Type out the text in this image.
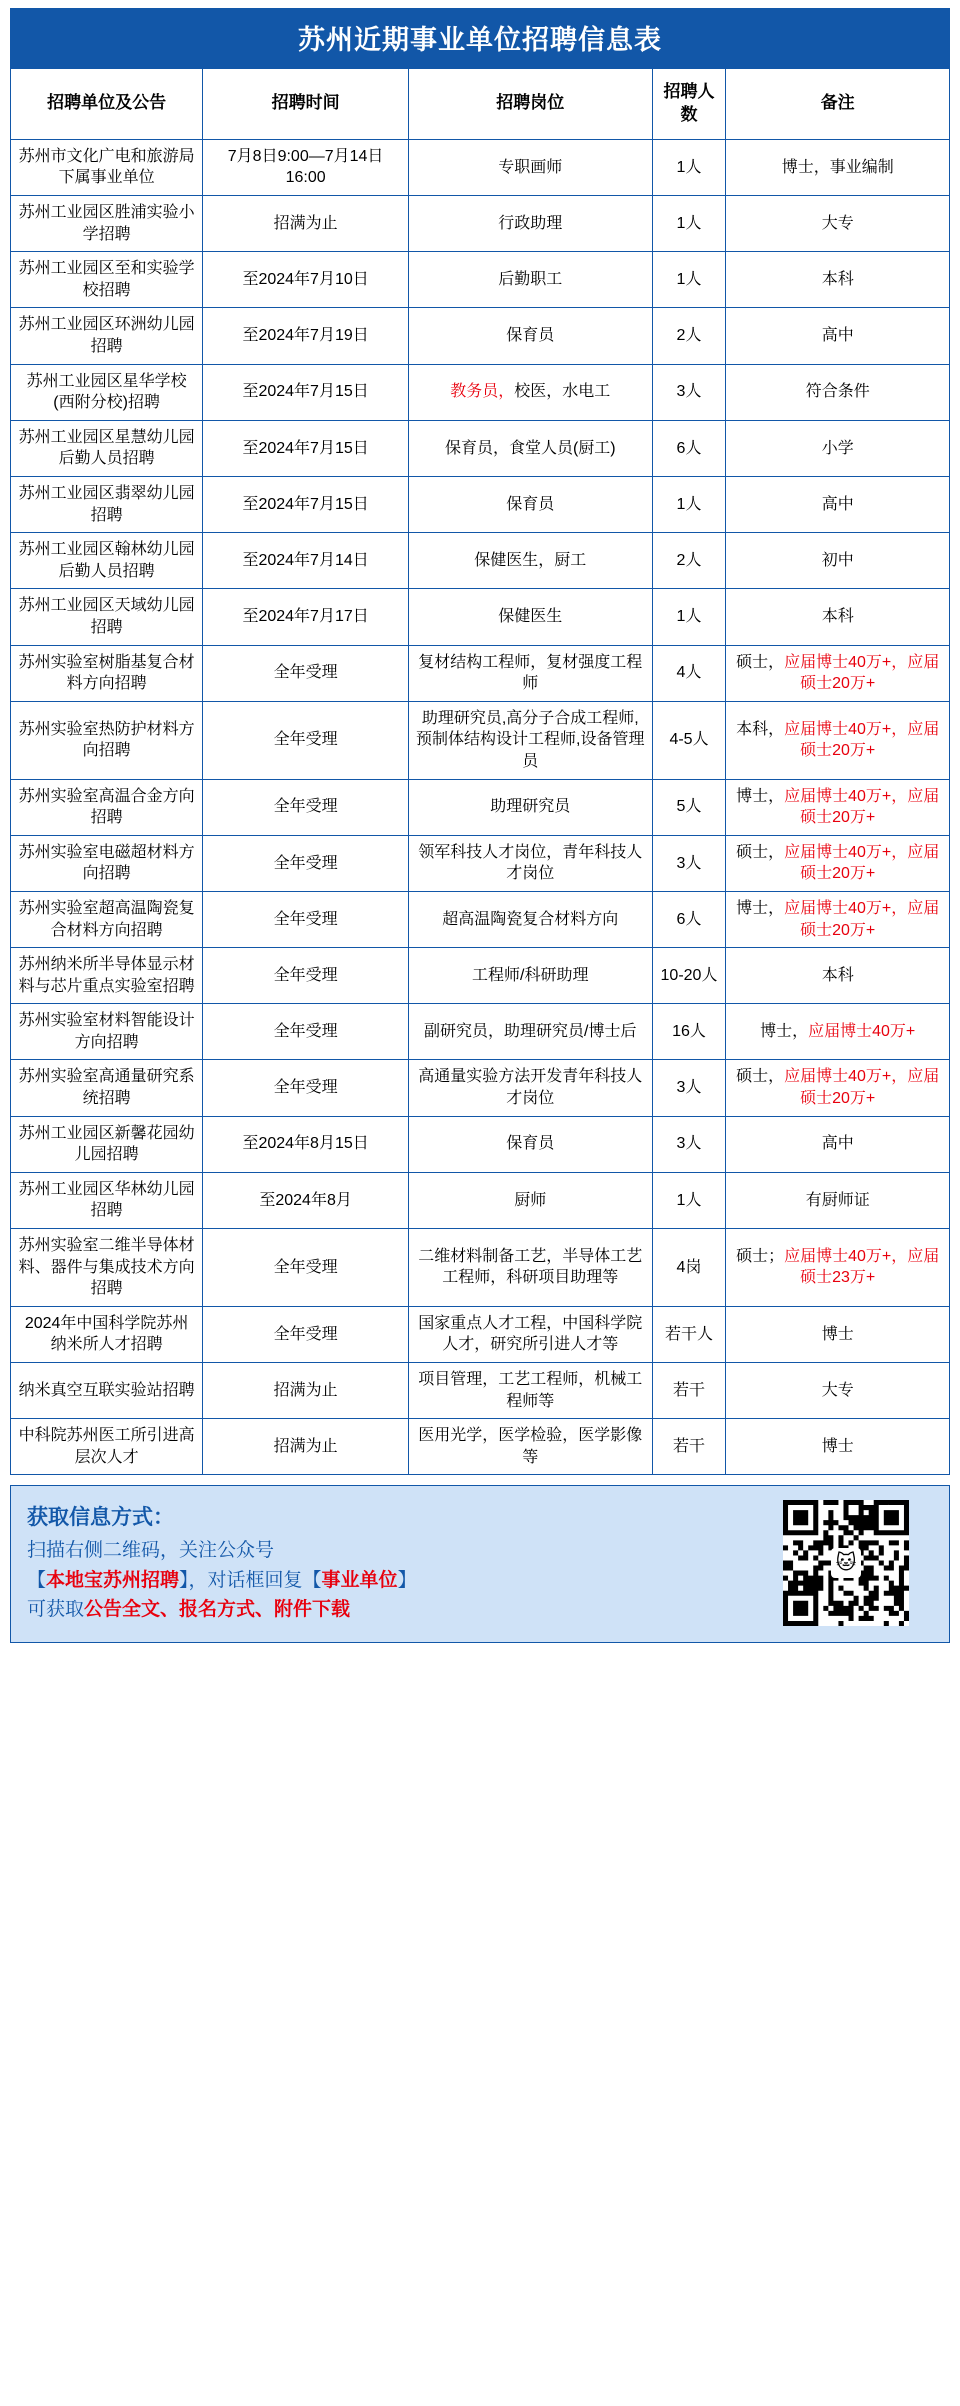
苏州近期事业单位招聘信息表
招聘单位及公告	招聘时间	招聘岗位	招聘人数	备注
苏州市文化广电和旅游局下属事业单位	7月8日9:00—7月14日16:00	专职画师	1人	博士，事业编制
苏州工业园区胜浦实验小学招聘	招满为止	行政助理	1人	大专
苏州工业园区至和实验学校招聘	至2024年7月10日	后勤职工	1人	本科
苏州工业园区环洲幼儿园招聘	至2024年7月19日	保育员	2人	高中
苏州工业园区星华学校(西附分校)招聘	至2024年7月15日	教务员，校医，水电工	3人	符合条件
苏州工业园区星慧幼儿园后勤人员招聘	至2024年7月15日	保育员，食堂人员(厨工)	6人	小学
苏州工业园区翡翠幼儿园招聘	至2024年7月15日	保育员	1人	高中
苏州工业园区翰林幼儿园后勤人员招聘	至2024年7月14日	保健医生，厨工	2人	初中
苏州工业园区天域幼儿园招聘	至2024年7月17日	保健医生	1人	本科
苏州实验室树脂基复合材料方向招聘	全年受理	复材结构工程师，复材强度工程师	4人	硕士，应届博士40万+，应届硕士20万+
苏州实验室热防护材料方向招聘	全年受理	助理研究员,高分子合成工程师,预制体结构设计工程师,设备管理员	4-5人	本科，应届博士40万+，应届硕士20万+
苏州实验室高温合金方向招聘	全年受理	助理研究员	5人	博士，应届博士40万+，应届硕士20万+
苏州实验室电磁超材料方向招聘	全年受理	领军科技人才岗位，青年科技人才岗位	3人	硕士，应届博士40万+，应届硕士20万+
苏州实验室超高温陶瓷复合材料方向招聘	全年受理	超高温陶瓷复合材料方向	6人	博士，应届博士40万+，应届硕士20万+
苏州纳米所半导体显示材料与芯片重点实验室招聘	全年受理	工程师/科研助理	10-20人	本科
苏州实验室材料智能设计方向招聘	全年受理	副研究员，助理研究员/博士后	16人	博士，应届博士40万+
苏州实验室高通量研究系统招聘	全年受理	高通量实验方法开发青年科技人才岗位	3人	硕士，应届博士40万+，应届硕士20万+
苏州工业园区新馨花园幼儿园招聘	至2024年8月15日	保育员	3人	高中
苏州工业园区华林幼儿园招聘	至2024年8月	厨师	1人	有厨师证
苏州实验室二维半导体材料、器件与集成技术方向招聘	全年受理	二维材料制备工艺，半导体工艺工程师，科研项目助理等	4岗	硕士；应届博士40万+，应届硕士23万+
2024年中国科学院苏州纳米所人才招聘	全年受理	国家重点人才工程，中国科学院人才，研究所引进人才等	若干人	博士
纳米真空互联实验站招聘	招满为止	项目管理，工艺工程师，机械工程师等	若干	大专
中科院苏州医工所引进高层次人才	招满为止	医用光学，医学检验，医学影像等	若干	博士
获取信息方式：
扫描右侧二维码，关注公众号
【本地宝苏州招聘】，对话框回复【事业单位】
可获取公告全文、报名方式、附件下载
🐱
